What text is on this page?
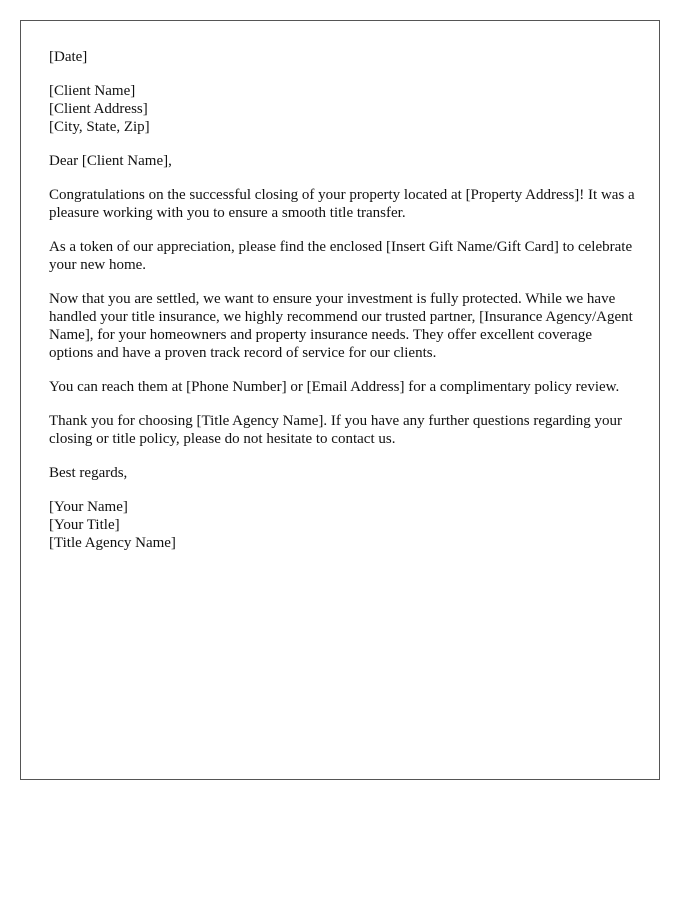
[Date]

[Client Name]
[Client Address]
[City, State, Zip]

Dear [Client Name],

Congratulations on the successful closing of your property located at [Property Address]! It was a pleasure working with you to ensure a smooth title transfer.

As a token of our appreciation, please find the enclosed [Insert Gift Name/Gift Card] to celebrate your new home.

Now that you are settled, we want to ensure your investment is fully protected. While we have handled your title insurance, we highly recommend our trusted partner, [Insurance Agency/Agent Name], for your homeowners and property insurance needs. They offer excellent coverage options and have a proven track record of service for our clients.

You can reach them at [Phone Number] or [Email Address] for a complimentary policy review.

Thank you for choosing [Title Agency Name]. If you have any further questions regarding your closing or title policy, please do not hesitate to contact us.

Best regards,

[Your Name]
[Your Title]
[Title Agency Name]
